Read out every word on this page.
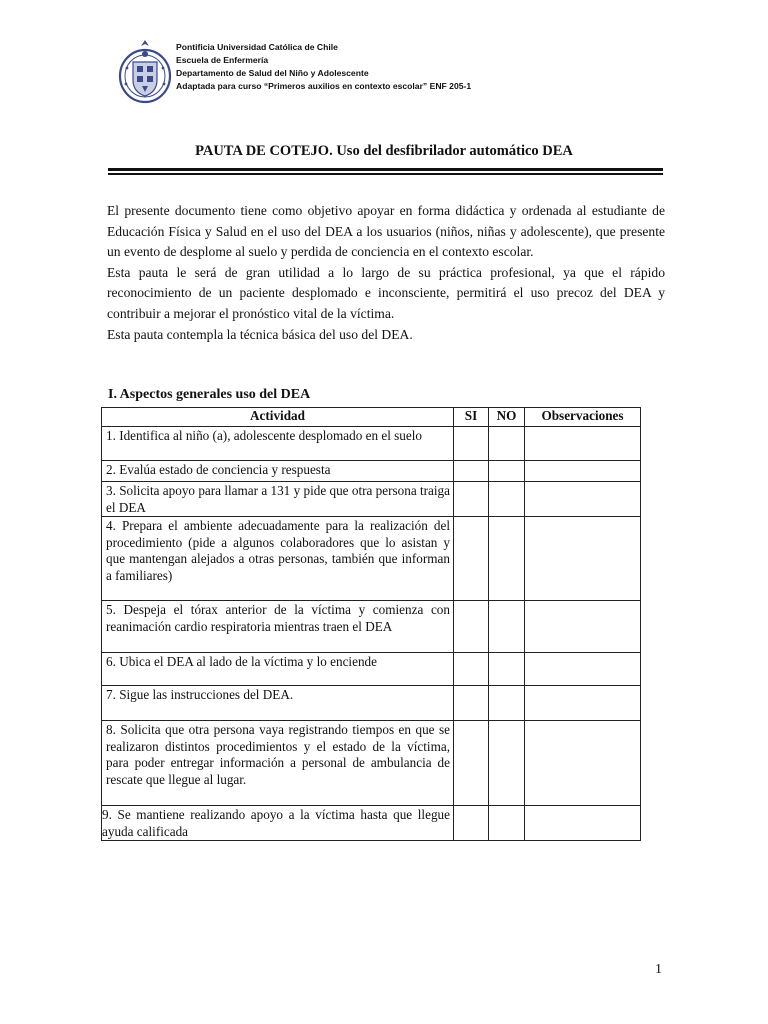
Pontificia Universidad Católica de Chile
Escuela de Enfermería
Departamento de Salud del Niño y Adolescente
Adaptada para curso “Primeros auxilios en contexto escolar” ENF 205-1
PAUTA DE COTEJO. Uso del desfibrilador automático DEA

El presente documento tiene como objetivo apoyar en forma didáctica y ordenada al estudiante de Educación Física y Salud en el uso del DEA a los usuarios (niños, niñas y adolescente), que presente un evento de desplome al suelo y perdida de conciencia en el contexto escolar.

Esta pauta le será de gran utilidad a lo largo de su práctica profesional, ya que el rápido reconocimiento de un paciente desplomado e inconsciente, permitirá el uso precoz del DEA y contribuir a mejorar el pronóstico vital de la víctima.

Esta pauta contempla la técnica básica del uso del DEA.

I. Aspectos generales uso del DEA
Actividad	SI	NO	Observaciones
1. Identifica al niño (a), adolescente desplomado en el suelo			
2. Evalúa estado de conciencia y respuesta			
3. Solicita apoyo para llamar a 131 y pide que otra persona traiga el DEA			
4. Prepara el ambiente adecuadamente para la realización del procedimiento (pide a algunos colaboradores que lo asistan y que mantengan alejados a otras personas, también que informan a familiares)			
5. Despeja el tórax anterior de la víctima y comienza con reanimación cardio respiratoria mientras traen el DEA			
6. Ubica el DEA al lado de la víctima y lo enciende			
7. Sigue las instrucciones del DEA.			
8. Solicita que otra persona vaya registrando tiempos en que se realizaron distintos procedimientos y el estado de la víctima, para poder entregar información a personal de ambulancia de rescate que llegue al lugar.			
9. Se mantiene realizando apoyo a la víctima hasta que llegue ayuda calificada			
1
